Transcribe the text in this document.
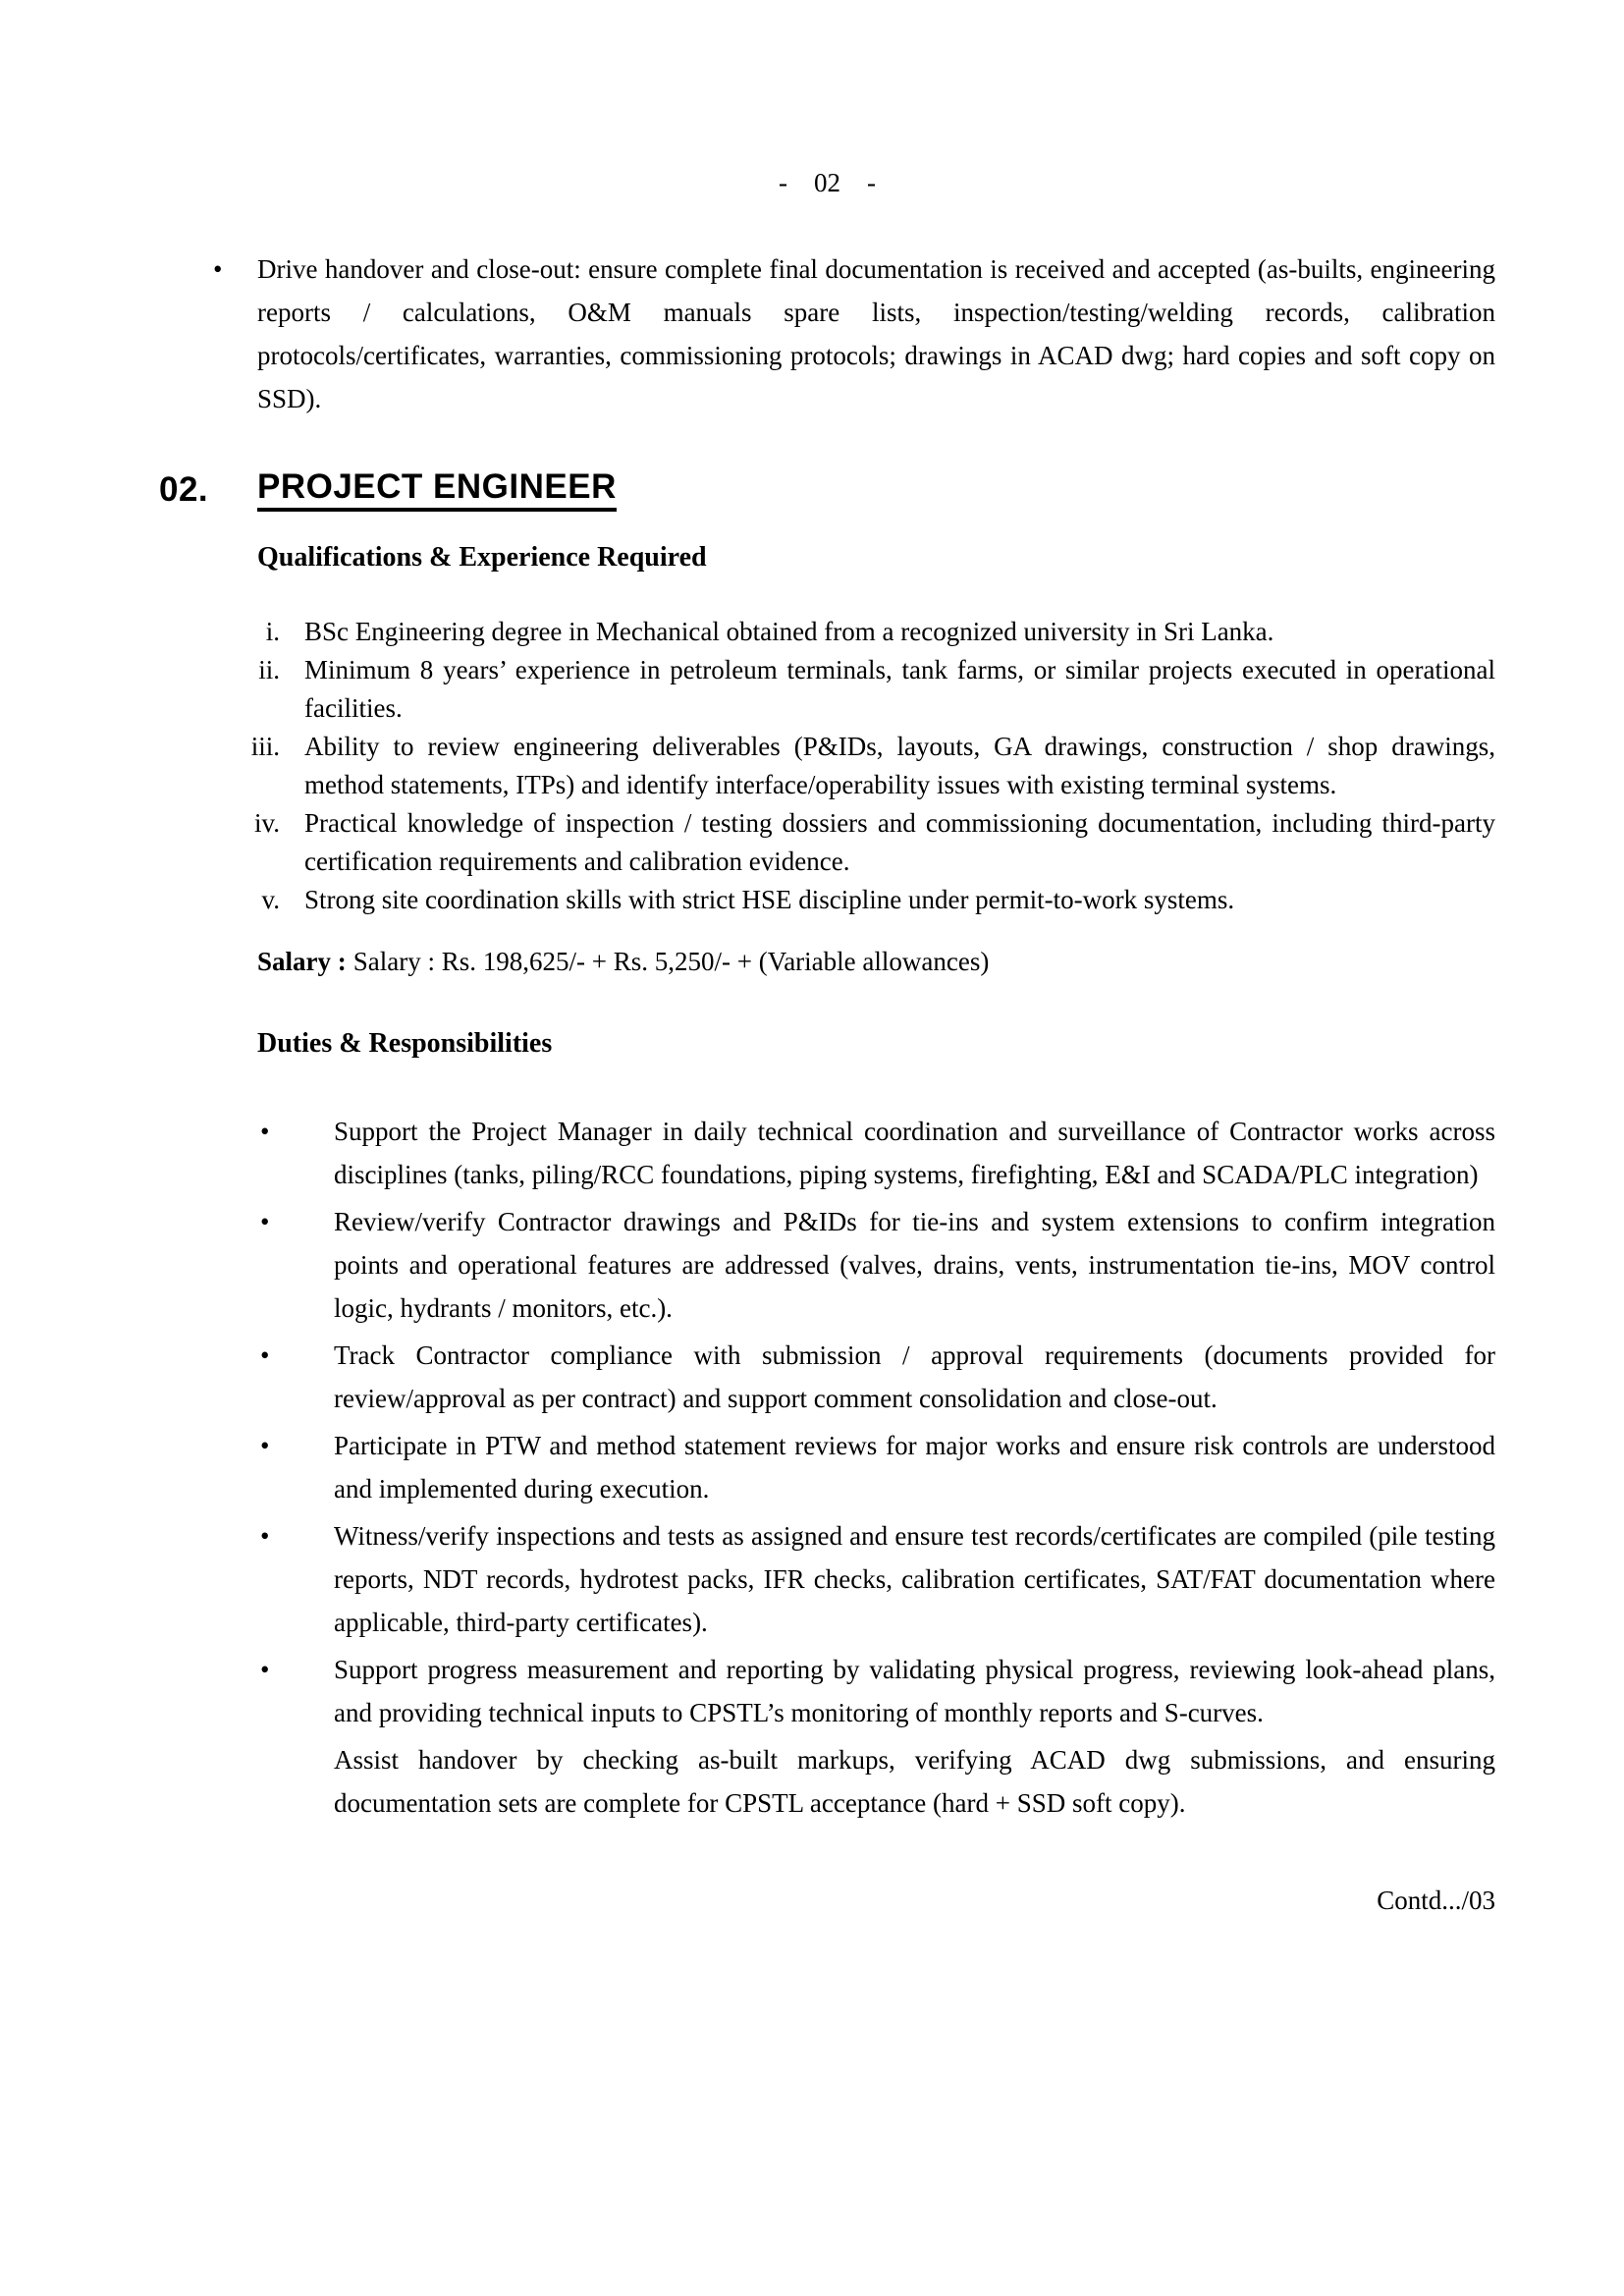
-    02    -
• Drive handover and close-out: ensure complete final documentation is received and accepted (as-builts, engineering reports / calculations, O&M manuals spare lists, inspection/testing/welding records, calibration protocols/certificates, warranties, commissioning protocols; drawings in ACAD dwg; hard copies and soft copy on SSD).
02.	PROJECT ENGINEER
Qualifications & Experience Required
i. BSc Engineering degree in Mechanical obtained from a recognized university in Sri Lanka.
ii. Minimum 8 years’ experience in petroleum terminals, tank farms, or similar projects executed in operational facilities.
iii. Ability to review engineering deliverables (P&IDs, layouts, GA drawings, construction / shop drawings, method statements, ITPs) and identify interface/operability issues with existing terminal systems.
iv. Practical knowledge of inspection / testing dossiers and commissioning documentation, including third-party certification requirements and calibration evidence.
v. Strong site coordination skills with strict HSE discipline under permit-to-work systems.

Salary : Salary : Rs. 198,625/- + Rs. 5,250/- + (Variable allowances)

Duties & Responsibilities
• Support the Project Manager in daily technical coordination and surveillance of Contractor works across disciplines (tanks, piling/RCC foundations, piping systems, firefighting, E&I and SCADA/PLC integration)
• Review/verify Contractor drawings and P&IDs for tie-ins and system extensions to confirm integration points and operational features are addressed (valves, drains, vents, instrumentation tie-ins, MOV control logic, hydrants / monitors, etc.).
• Track Contractor compliance with submission / approval requirements (documents provided for review/approval as per contract) and support comment consolidation and close-out.
• Participate in PTW and method statement reviews for major works and ensure risk controls are understood and implemented during execution.
• Witness/verify inspections and tests as assigned and ensure test records/certificates are compiled (pile testing reports, NDT records, hydrotest packs, IFR checks, calibration certificates, SAT/FAT documentation where applicable, third-party certificates).
• Support progress measurement and reporting by validating physical progress, reviewing look-ahead plans, and providing technical inputs to CPSTL’s monitoring of monthly reports and S-curves.
Assist handover by checking as-built markups, verifying ACAD dwg submissions, and ensuring documentation sets are complete for CPSTL acceptance (hard + SSD soft copy).
Contd.../03
